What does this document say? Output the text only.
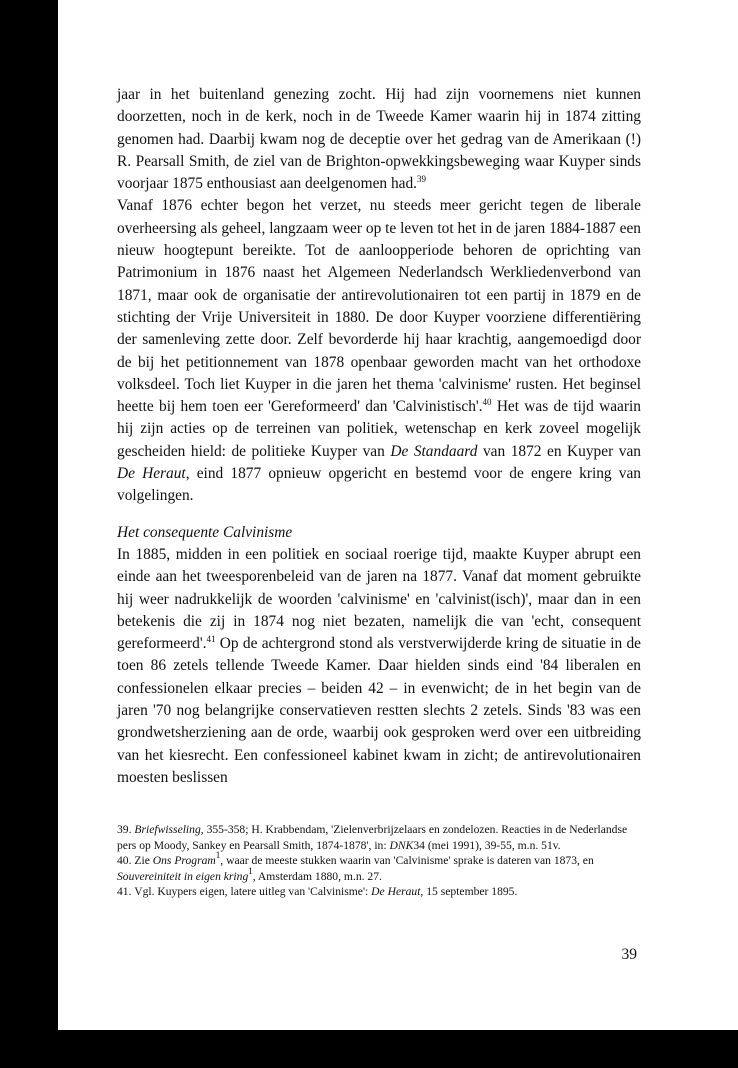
jaar in het buitenland genezing zocht. Hij had zijn voornemens niet kunnen doorzetten, noch in de kerk, noch in de Tweede Kamer waarin hij in 1874 zitting genomen had. Daarbij kwam nog de deceptie over het gedrag van de Amerikaan (!) R. Pearsall Smith, de ziel van de Brighton-opwekkingsbeweging waar Kuyper sinds voorjaar 1875 enthousiast aan deelgenomen had.$^{39}$

Vanaf 1876 echter begon het verzet, nu steeds meer gericht tegen de liberale overheersing als geheel, langzaam weer op te leven tot het in de jaren 1884-1887 een nieuw hoogtepunt bereikte. Tot de aanloopperiode behoren de oprichting van Patrimonium in 1876 naast het Algemeen Nederlandsch Werkliedenverbond van 1871, maar ook de organisatie der antirevolutionairen tot een partij in 1879 en de stichting der Vrije Universiteit in 1880. De door Kuyper voorziene differentiëring der samenleving zette door. Zelf bevorderde hij haar krachtig, aangemoedigd door de bij het petitionnement van 1878 openbaar geworden macht van het orthodoxe volksdeel. Toch liet Kuyper in die jaren het thema 'calvinisme' rusten. Het beginsel heette bij hem toen eer 'Gereformeerd' dan 'Calvinistisch'.$^{40}$ Het was de tijd waarin hij zijn acties op de terreinen van politiek, wetenschap en kerk zoveel mogelijk gescheiden hield: de politieke Kuyper van De Standaard van 1872 en Kuyper van De Heraut, eind 1877 opnieuw opgericht en bestemd voor de engere kring van volgelingen.

Het consequente Calvinisme

In 1885, midden in een politiek en sociaal roerige tijd, maakte Kuyper abrupt een einde aan het tweesporenbeleid van de jaren na 1877. Vanaf dat moment gebruikte hij weer nadrukkelijk de woorden 'calvinisme' en 'calvinist(isch)', maar dan in een betekenis die zij in 1874 nog niet bezaten, namelijk die van 'echt, consequent gereformeerd'.$^{41}$ Op de achtergrond stond als verstverwijderde kring de situatie in de toen 86 zetels tellende Tweede Kamer. Daar hielden sinds eind '84 liberalen en confessionelen elkaar precies – beiden 42 – in evenwicht; de in het begin van de jaren '70 nog belangrijke conservatieven restten slechts 2 zetels. Sinds '83 was een grondwetsherziening aan de orde, waarbij ook gesproken werd over een uitbreiding van het kiesrecht. Een confessioneel kabinet kwam in zicht; de antirevolutionairen moesten beslissen

39. Briefwisseling, 355-358; H. Krabbendam, 'Zielenverbrijzelaars en zondelozen. Reacties in de Nederlandse pers op Moody, Sankey en Pearsall Smith, 1874-1878', in: DNK34 (mei 1991), 39-55, m.n. 51v.

40. Zie Ons Program$^1$, waar de meeste stukken waarin van 'Calvinisme' sprake is dateren van 1873, en Souvereiniteit in eigen kring$^1$, Amsterdam 1880, m.n. 27.

41. Vgl. Kuypers eigen, latere uitleg van 'Calvinisme': De Heraut, 15 september 1895.

39
